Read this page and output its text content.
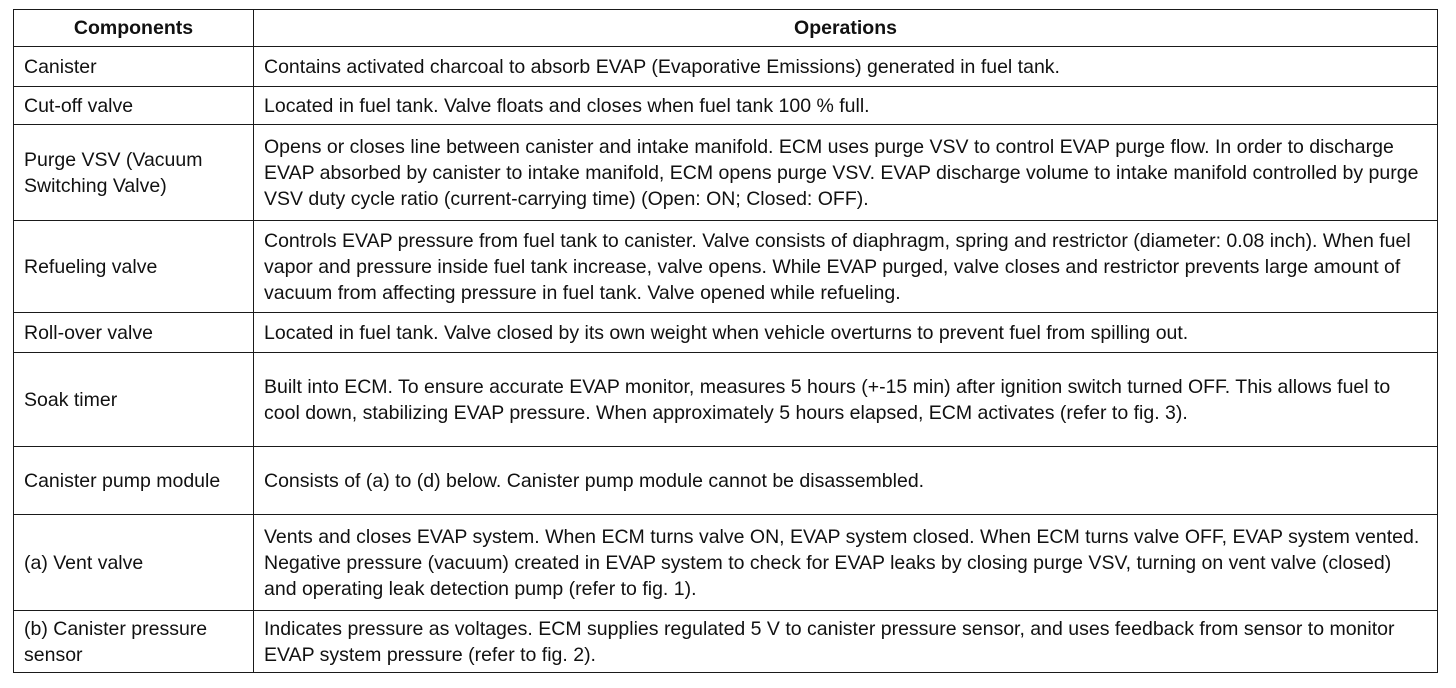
Components	Operations
Canister	Contains activated charcoal to absorb EVAP (Evaporative Emissions) generated in fuel tank.
Cut-off valve	Located in fuel tank. Valve floats and closes when fuel tank 100 % full.
Purge VSV (Vacuum Switching Valve)	Opens or closes line between canister and intake manifold. ECM uses purge VSV to control EVAP purge flow. In order to discharge EVAP absorbed by canister to intake manifold, ECM opens purge VSV. EVAP discharge volume to intake manifold controlled by purge VSV duty cycle ratio (current-carrying time) (Open: ON; Closed: OFF).
Refueling valve	Controls EVAP pressure from fuel tank to canister. Valve consists of diaphragm, spring and restrictor (diameter: 0.08 inch). When fuel vapor and pressure inside fuel tank increase, valve opens. While EVAP purged, valve closes and restrictor prevents large amount of vacuum from affecting pressure in fuel tank. Valve opened while refueling.
Roll-over valve	Located in fuel tank. Valve closed by its own weight when vehicle overturns to prevent fuel from spilling out.
Soak timer	Built into ECM. To ensure accurate EVAP monitor, measures 5 hours (+-15 min) after ignition switch turned OFF. This allows fuel to cool down, stabilizing EVAP pressure. When approximately 5 hours elapsed, ECM activates (refer to fig. 3).
Canister pump module	Consists of (a) to (d) below. Canister pump module cannot be disassembled.
(a) Vent valve	Vents and closes EVAP system. When ECM turns valve ON, EVAP system closed. When ECM turns valve OFF, EVAP system vented. Negative pressure (vacuum) created in EVAP system to check for EVAP leaks by closing purge VSV, turning on vent valve (closed) and operating leak detection pump (refer to fig. 1).
(b) Canister pressure sensor	Indicates pressure as voltages. ECM supplies regulated 5 V to canister pressure sensor, and uses feedback from sensor to monitor EVAP system pressure (refer to fig. 2).
